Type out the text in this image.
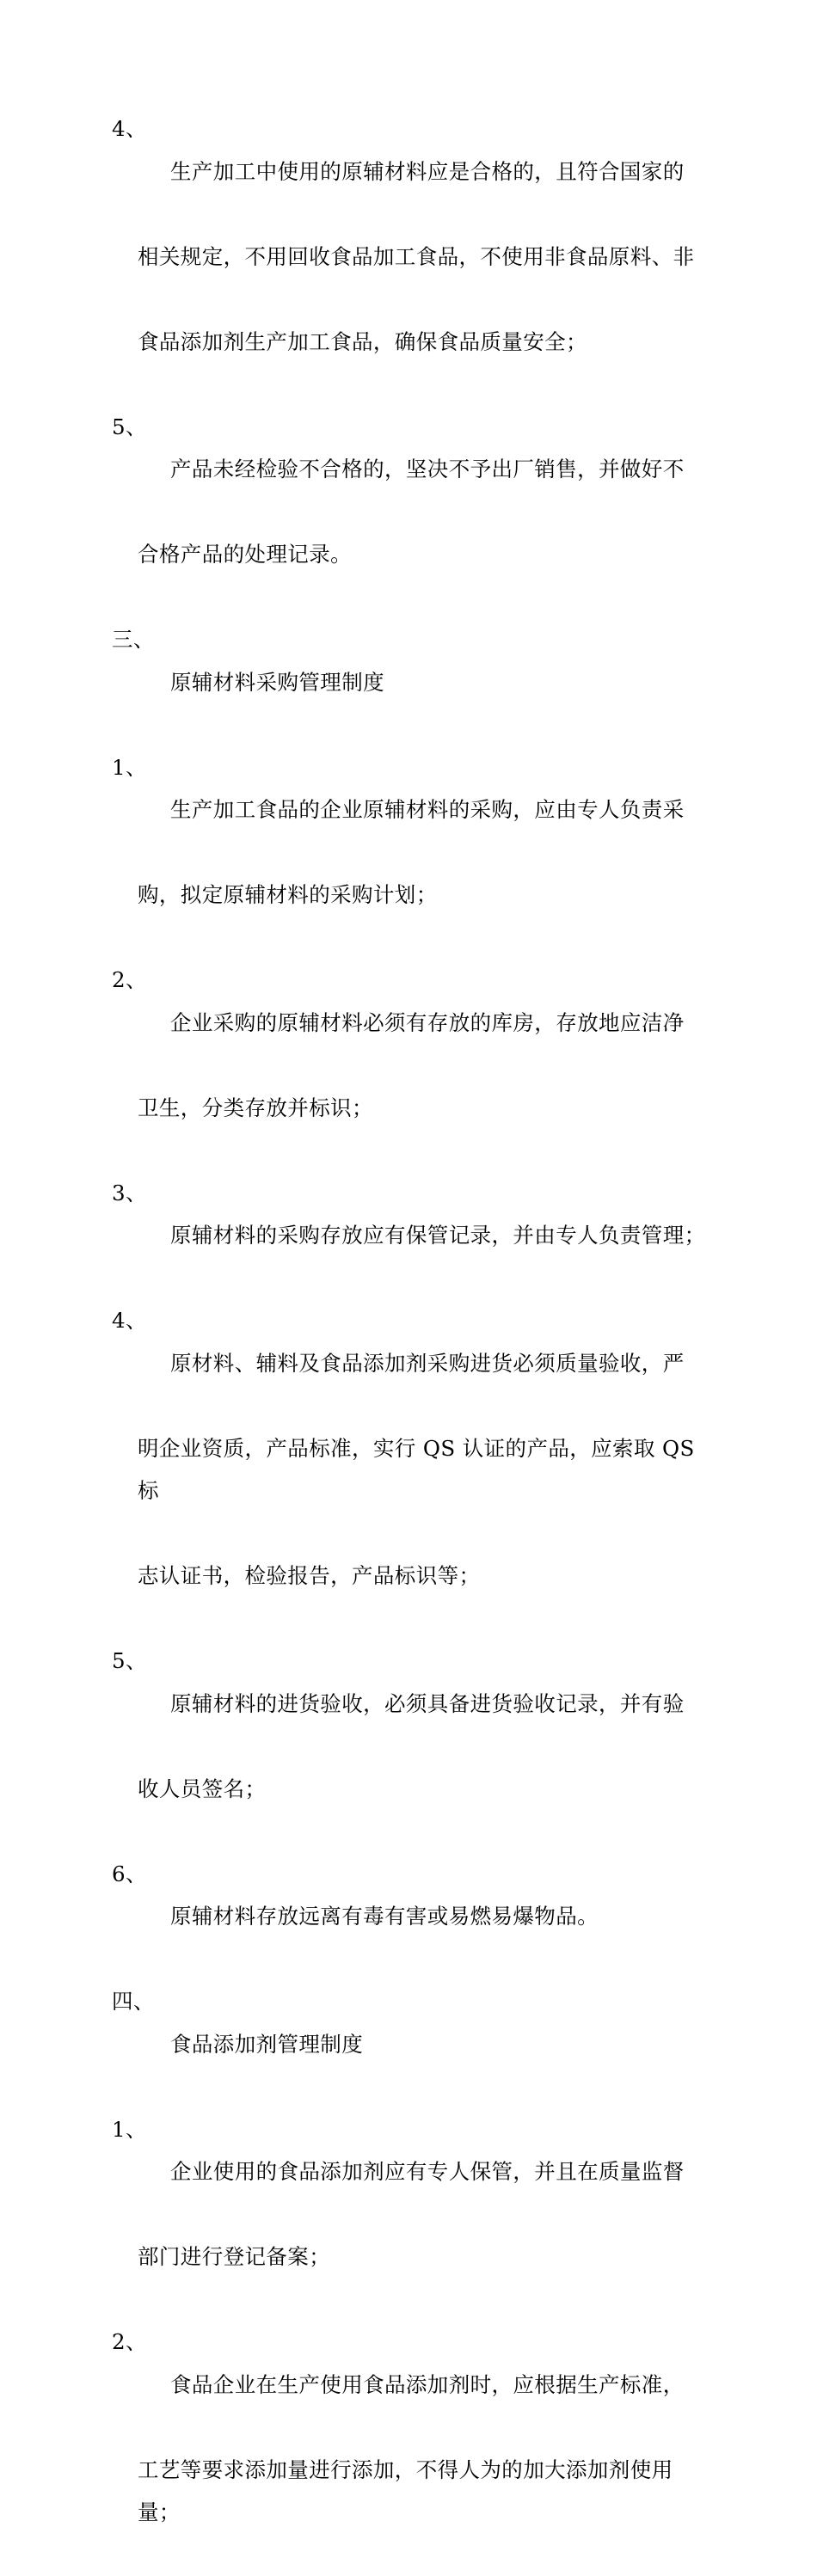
4、

生产加工中使用的原辅材料应是合格的，且符合国家的

相关规定，不用回收食品加工食品，不使用非食品原料、非

食品添加剂生产加工食品，确保食品质量安全；

5、

产品未经检验不合格的，坚决不予出厂销售，并做好不

合格产品的处理记录。

三、

原辅材料采购管理制度

1、

生产加工食品的企业原辅材料的采购，应由专人负责采

购，拟定原辅材料的采购计划；

2、

企业采购的原辅材料必须有存放的库房，存放地应洁净

卫生，分类存放并标识；

3、

原辅材料的采购存放应有保管记录，并由专人负责管理；

4、

原材料、辅料及食品添加剂采购进货必须质量验收，严

明企业资质，产品标准，实行 QS 认证的产品，应索取 QS 标

志认证书，检验报告，产品标识等；

5、

原辅材料的进货验收，必须具备进货验收记录，并有验

收人员签名；

6、

原辅材料存放远离有毒有害或易燃易爆物品。

四、

食品添加剂管理制度

1、

企业使用的食品添加剂应有专人保管，并且在质量监督

部门进行登记备案；

2、

食品企业在生产使用食品添加剂时，应根据生产标准，

工艺等要求添加量进行添加，不得人为的加大添加剂使用量；
